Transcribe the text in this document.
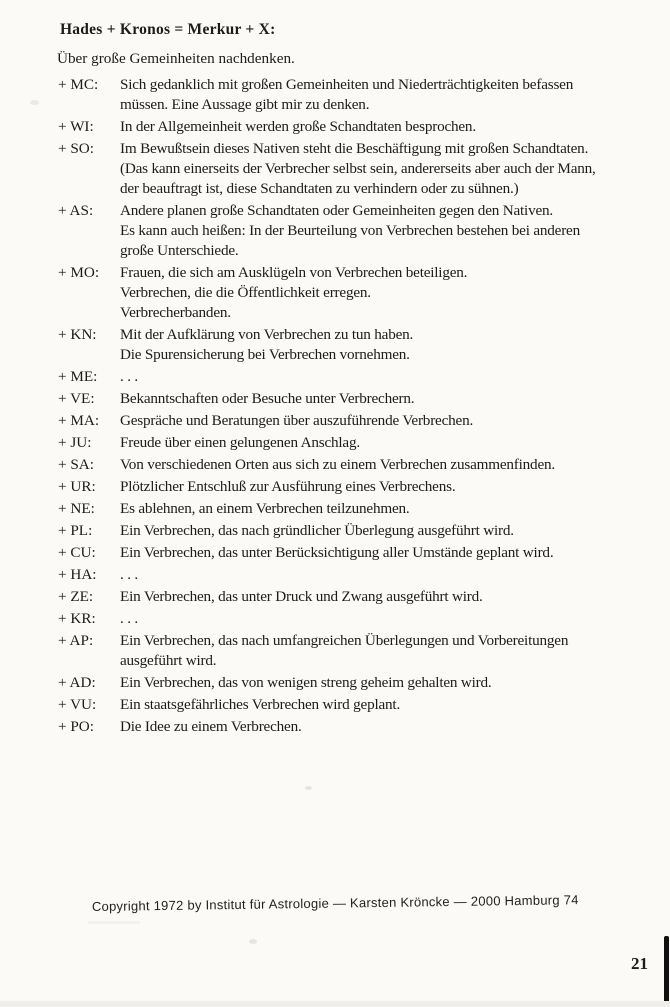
Hades + Kronos = Merkur + X:
Über große Gemeinheiten nachdenken.
+ MC:	Sich gedanklich mit großen Gemeinheiten und Niederträchtigkeiten befassen
müssen. Eine Aussage gibt mir zu denken.
+ WI:	In der Allgemeinheit werden große Schandtaten besprochen.
+ SO:	Im Bewußtsein dieses Nativen steht die Beschäftigung mit großen Schandtaten.
(Das kann einerseits der Verbrecher selbst sein, andererseits aber auch der Mann,
der beauftragt ist, diese Schandtaten zu verhindern oder zu sühnen.)
+ AS:	Andere planen große Schandtaten oder Gemeinheiten gegen den Nativen.
Es kann auch heißen: In der Beurteilung von Verbrechen bestehen bei anderen
große Unterschiede.
+ MO:	Frauen, die sich am Ausklügeln von Verbrechen beteiligen.
Verbrechen, die die Öffentlichkeit erregen.
Verbrecherbanden.
+ KN:	Mit der Aufklärung von Verbrechen zu tun haben.
Die Spurensicherung bei Verbrechen vornehmen.
+ ME:	. . .
+ VE:	Bekanntschaften oder Besuche unter Verbrechern.
+ MA:	Gespräche und Beratungen über auszuführende Verbrechen.
+ JU:	Freude über einen gelungenen Anschlag.
+ SA:	Von verschiedenen Orten aus sich zu einem Verbrechen zusammenfinden.
+ UR:	Plötzlicher Entschluß zur Ausführung eines Verbrechens.
+ NE:	Es ablehnen, an einem Verbrechen teilzunehmen.
+ PL:	Ein Verbrechen, das nach gründlicher Überlegung ausgeführt wird.
+ CU:	Ein Verbrechen, das unter Berücksichtigung aller Umstände geplant wird.
+ HA:	. . .
+ ZE:	Ein Verbrechen, das unter Druck und Zwang ausgeführt wird.
+ KR:	. . .
+ AP:	Ein Verbrechen, das nach umfangreichen Überlegungen und Vorbereitungen
ausgeführt wird.
+ AD:	Ein Verbrechen, das von wenigen streng geheim gehalten wird.
+ VU:	Ein staatsgefährliches Verbrechen wird geplant.
+ PO:	Die Idee zu einem Verbrechen.
Copyright 1972 by Institut für Astrologie — Karsten Kröncke — 2000 Hamburg 74
21
